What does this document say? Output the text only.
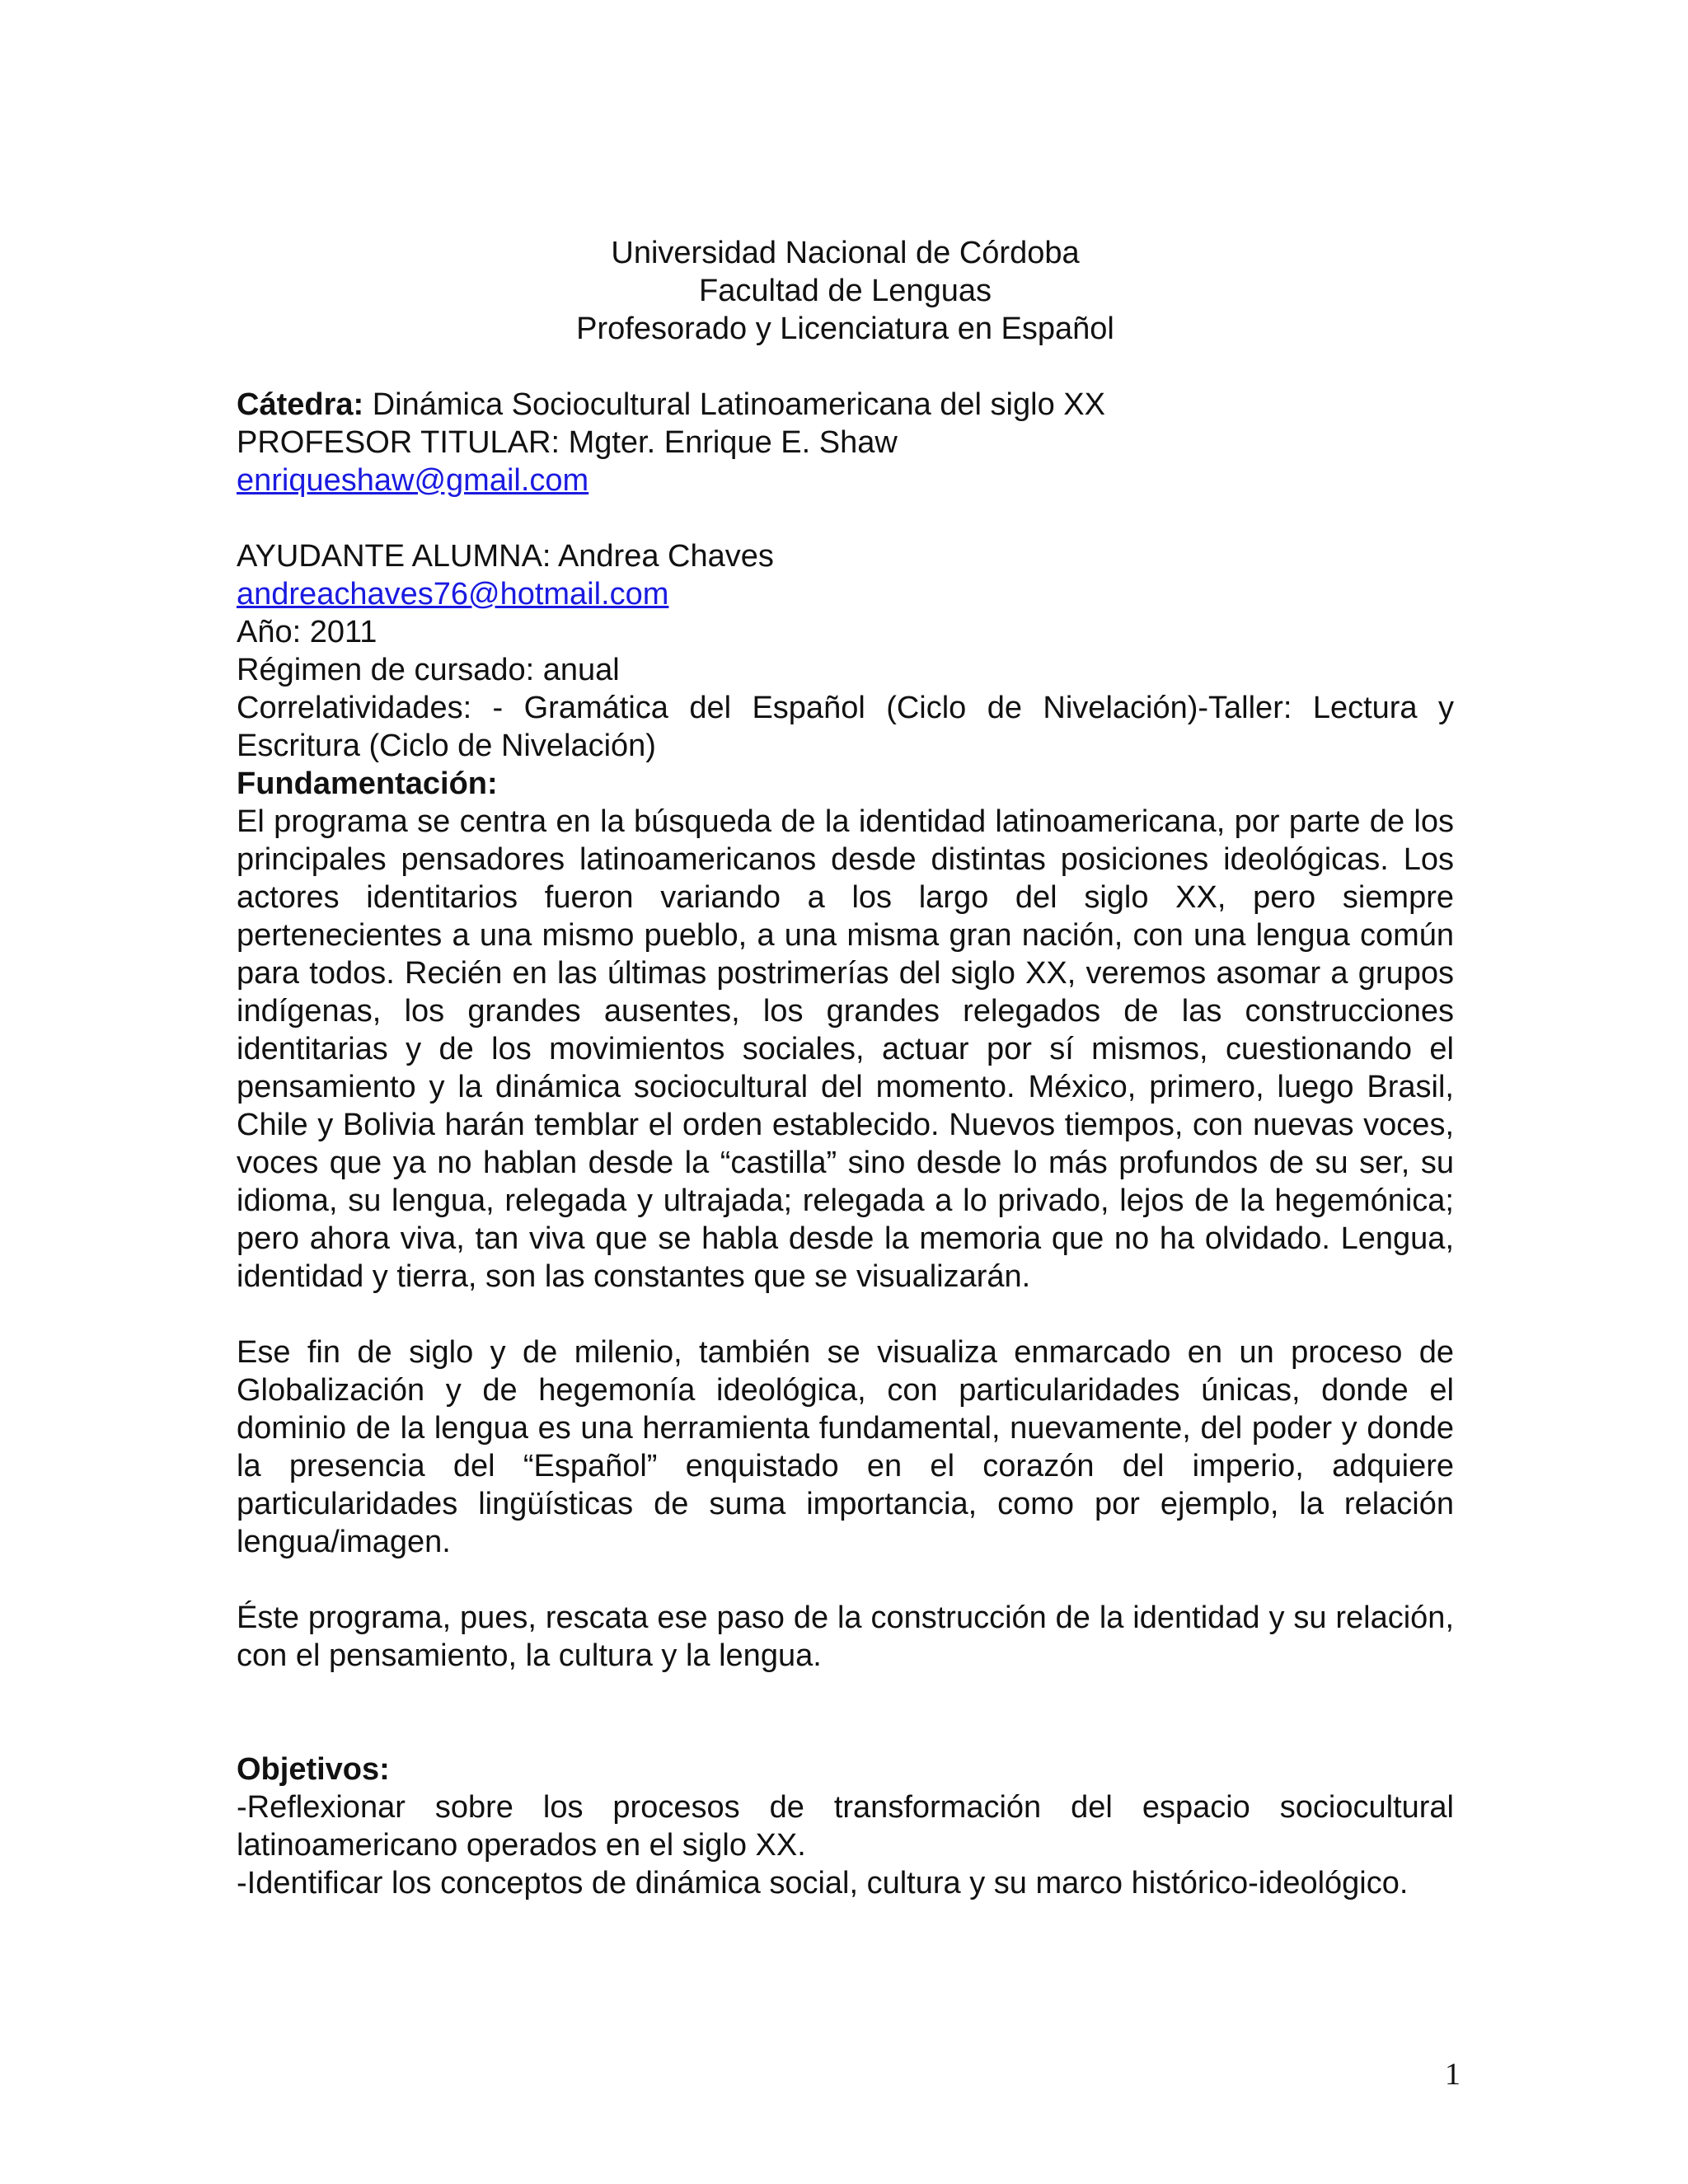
Universidad Nacional de Córdoba
Facultad de Lenguas
Profesorado y Licenciatura en Español
Cátedra: Dinámica Sociocultural Latinoamericana del siglo XX
PROFESOR TITULAR: Mgter. Enrique E. Shaw
enriqueshaw@gmail.com
AYUDANTE ALUMNA: Andrea Chaves
andreachaves76@hotmail.com
Año: 2011
Régimen de cursado: anual
Correlatividades: - Gramática del Español (Ciclo de Nivelación)-Taller: Lectura y Escritura (Ciclo de Nivelación)
Fundamentación:
El programa se centra en la búsqueda de la identidad latinoamericana, por parte de los principales pensadores latinoamericanos desde distintas posiciones ideológicas. Los actores identitarios fueron variando a los largo del siglo XX, pero siempre pertenecientes a una mismo pueblo, a una misma gran nación, con una lengua común para todos. Recién en las últimas postrimerías del siglo XX, veremos asomar a grupos indígenas, los grandes ausentes, los grandes relegados de las construcciones identitarias y de los movimientos sociales, actuar por sí mismos, cuestionando el pensamiento y la dinámica sociocultural del momento. México, primero, luego Brasil, Chile y Bolivia harán temblar el orden establecido. Nuevos tiempos, con nuevas voces, voces que ya no hablan desde la “castilla” sino desde lo más profundos de su ser, su idioma, su lengua, relegada y ultrajada; relegada a lo privado, lejos de la hegemónica; pero ahora viva, tan viva que se habla desde la memoria que no ha olvidado. Lengua, identidad y tierra, son las constantes que se visualizarán.
Ese fin de siglo y de milenio, también se visualiza enmarcado en un proceso de Globalización y de hegemonía ideológica, con particularidades únicas, donde el dominio de la lengua es una herramienta fundamental, nuevamente, del poder y donde la presencia del “Español” enquistado en el corazón del imperio, adquiere particularidades lingüísticas de suma importancia, como por ejemplo, la relación lengua/imagen.
Éste programa, pues, rescata ese paso de la construcción de la identidad y su relación, con el pensamiento, la cultura y la lengua.
Objetivos:
-Reflexionar sobre los procesos de transformación del espacio sociocultural latinoamericano operados en el siglo XX.
-Identificar los conceptos de dinámica social, cultura y su marco histórico-ideológico.
1
